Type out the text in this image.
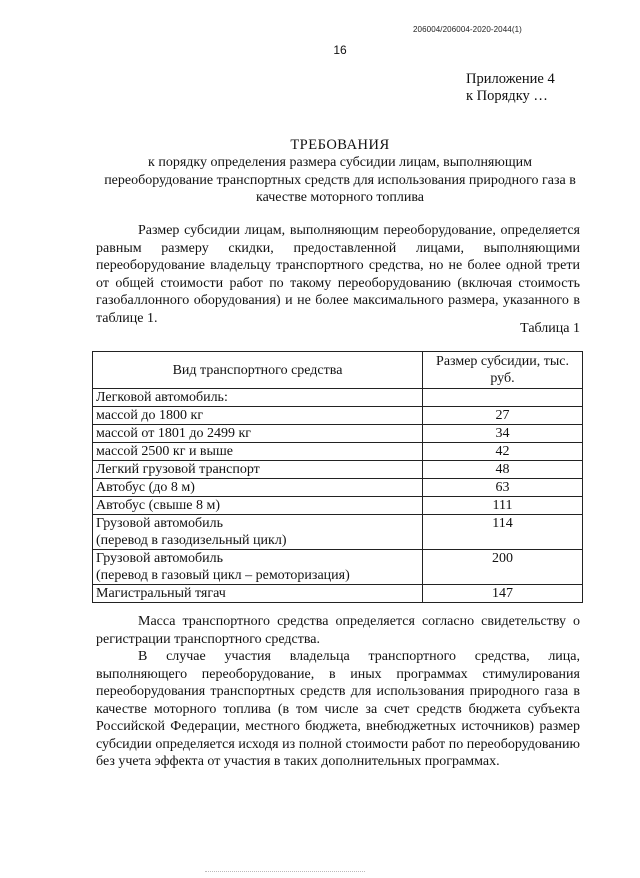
206004/206004-2020-2044(1)
16
Приложение 4
к Порядку …
ТРЕБОВАНИЯ
к порядку определения размера субсидии лицам, выполняющим переоборудование транспортных средств для использования природного газа в качестве моторного топлива

Размер субсидии лицам, выполняющим переоборудование, определяется равным размеру скидки, предоставленной лицами, выполняющими переоборудование владельцу транспортного средства, но не более одной трети от общей стоимости работ по такому переоборудованию (включая стоимость газобаллонного оборудования) и не более максимального размера, указанного в таблице 1.

Таблица 1
Вид транспортного средства	Размер субсидии, тыс. руб.
Легковой автомобиль:	
массой до 1800 кг	27
массой от 1801 до 2499 кг	34
массой 2500 кг и выше	42
Легкий грузовой транспорт	48
Автобус (до 8 м)	63
Автобус (свыше 8 м)	111

Грузовой автомобиль
(перевод в газодизельный цикл)	114

Грузовой автомобиль
(перевод в газовый цикл – ремоторизация)	200
Магистральный тягач	147

Масса транспортного средства определяется согласно свидетельству о регистрации транспортного средства.

В случае участия владельца транспортного средства, лица, выполняющего переоборудование, в иных программах стимулирования переоборудования транспортных средств для использования природного газа в качестве моторного топлива (в том числе за счет средств бюджета субъекта Российской Федерации, местного бюджета, внебюджетных источников) размер субсидии определяется исходя из полной стоимости работ по переоборудованию без учета эффекта от участия в таких дополнительных программах.
